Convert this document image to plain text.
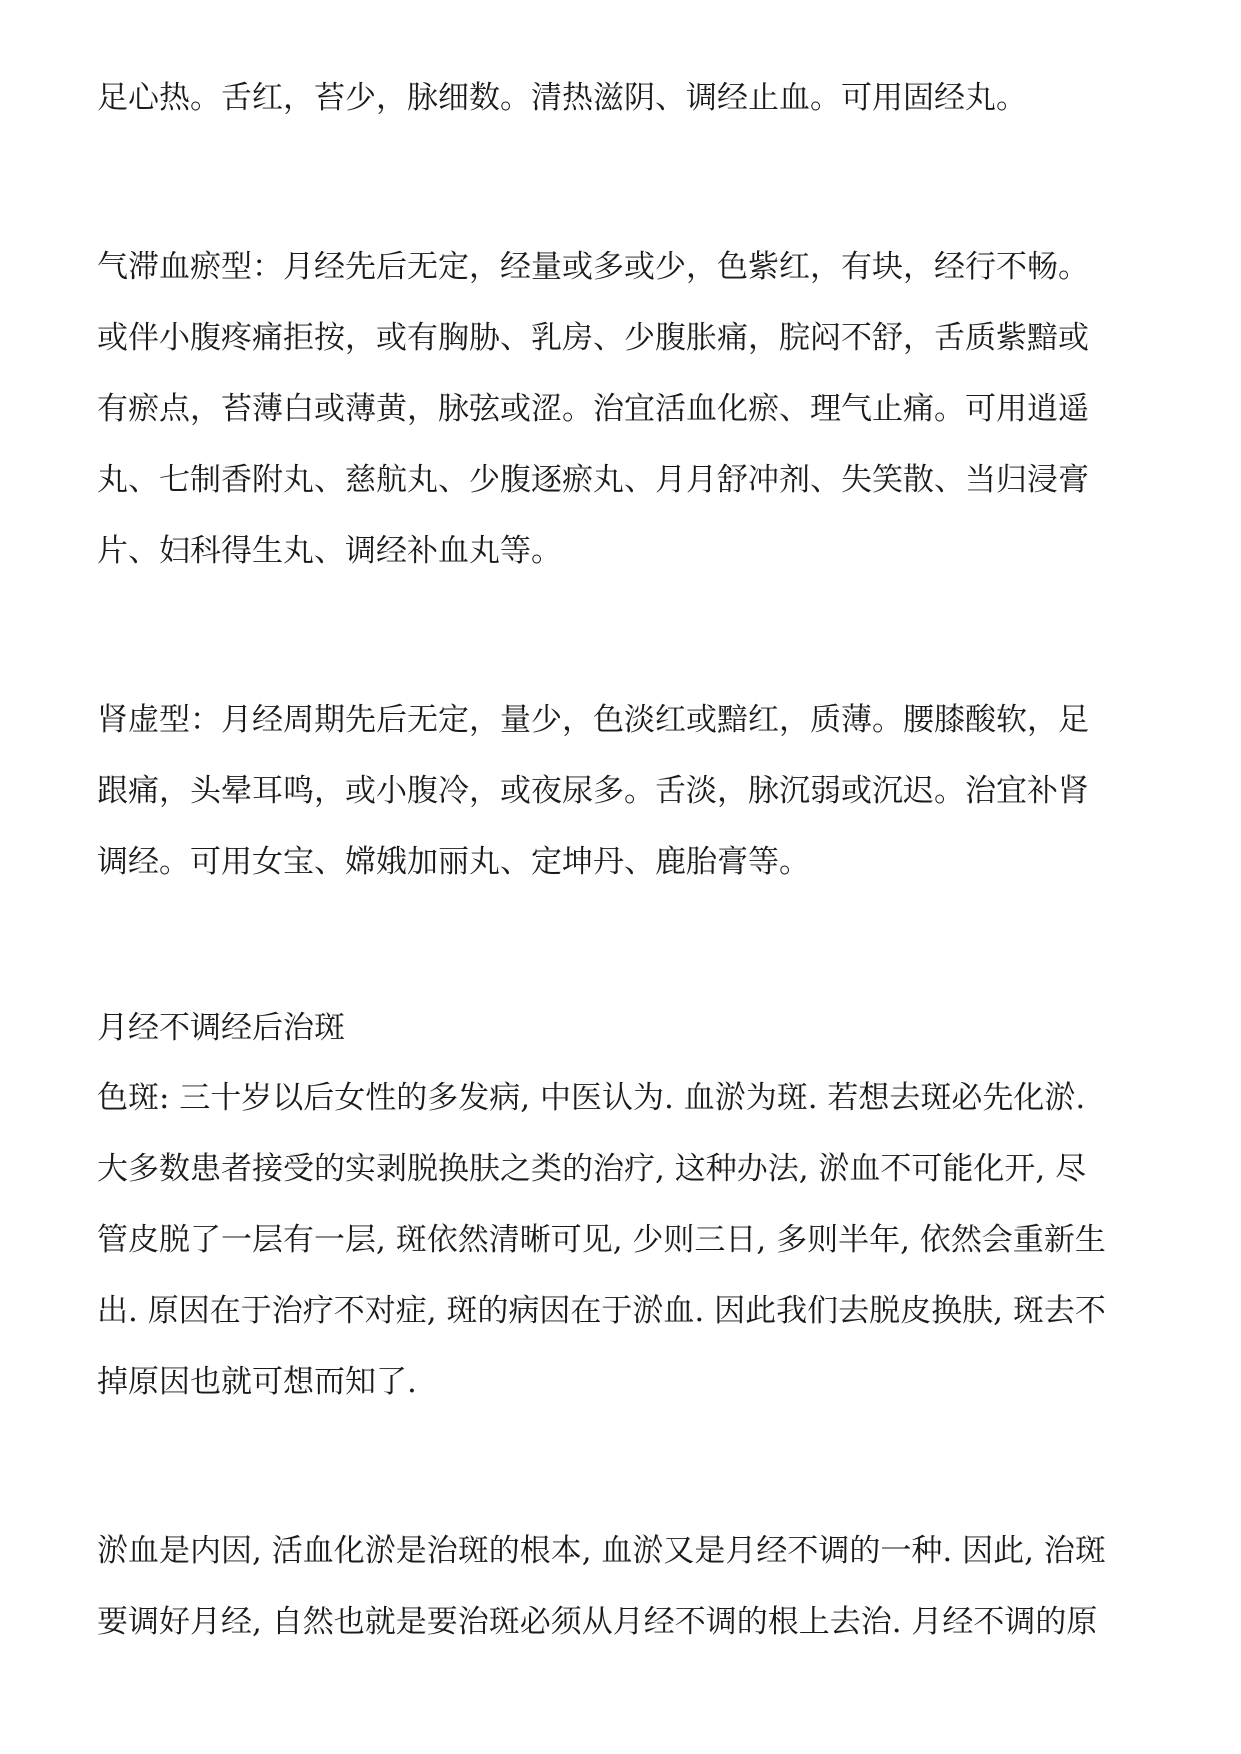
足心热。舌红，苔少，脉细数。清热滋阴、调经止血。可用固经丸。
气滞血瘀型：月经先后无定，经量或多或少，色紫红，有块，经行不畅。
或伴小腹疼痛拒按，或有胸胁、乳房、少腹胀痛，脘闷不舒，舌质紫黯或
有瘀点，苔薄白或薄黄，脉弦或涩。治宜活血化瘀、理气止痛。可用逍遥
丸、七制香附丸、慈航丸、少腹逐瘀丸、月月舒冲剂、失笑散、当归浸膏
片、妇科得生丸、调经补血丸等。
肾虚型：月经周期先后无定，量少，色淡红或黯红，质薄。腰膝酸软，足
跟痛，头晕耳鸣，或小腹冷，或夜尿多。舌淡，脉沉弱或沉迟。治宜补肾
调经。可用女宝、嫦娥加丽丸、定坤丹、鹿胎膏等。
月经不调经后治斑
色斑: 三十岁以后女性的多发病, 中医认为. 血淤为斑. 若想去斑必先化淤.
大多数患者接受的实剥脱换肤之类的治疗, 这种办法, 淤血不可能化开, 尽
管皮脱了一层有一层, 斑依然清晰可见, 少则三日, 多则半年, 依然会重新生
出. 原因在于治疗不对症, 斑的病因在于淤血. 因此我们去脱皮换肤, 斑去不
掉原因也就可想而知了.
淤血是内因, 活血化淤是治斑的根本, 血淤又是月经不调的一种. 因此, 治斑
要调好月经, 自然也就是要治斑必须从月经不调的根上去治. 月经不调的原
